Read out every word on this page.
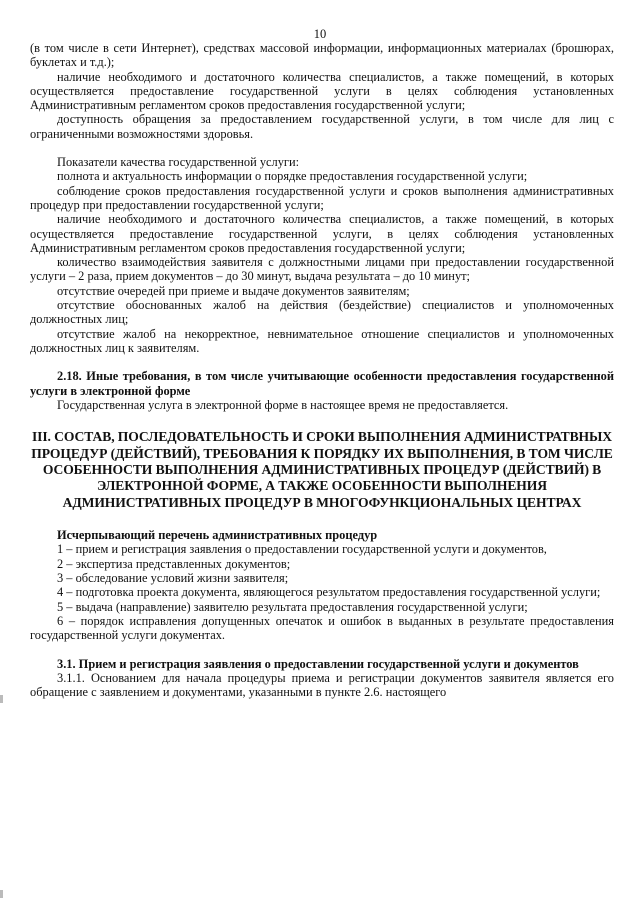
10

(в том числе в сети Интернет), средствах массовой информации, информационных материалах (брошюрах, буклетах и т.д.);

наличие необходимого и достаточного количества специалистов, а также помещений, в которых осуществляется предоставление государственной услуги в целях соблюдения установленных Административным регламентом сроков предоставления государственной услуги;

доступность обращения за предоставлением государственной услуги, в том числе для лиц с ограниченными возможностями здоровья.

Показатели качества государственной услуги:

полнота и актуальность информации о порядке предоставления государственной услуги;

соблюдение сроков предоставления государственной услуги и сроков выполнения административных процедур при предоставлении государственной услуги;

наличие необходимого и достаточного количества специалистов, а также помещений, в которых осуществляется предоставление государственной услуги, в целях соблюдения установленных Административным регламентом сроков предоставления государственной услуги;

количество взаимодействия заявителя с должностными лицами при предоставлении государственной услуги – 2 раза, прием документов – до 30 минут, выдача результата – до 10 минут;

отсутствие очередей при приеме и выдаче документов заявителям;

отсутствие обоснованных жалоб на действия (бездействие) специалистов и уполномоченных должностных лиц;

отсутствие жалоб на некорректное, невнимательное отношение специалистов и уполномоченных должностных лиц к заявителям.

2.18. Иные требования, в том числе учитывающие особенности предоставления государственной услуги в электронной форме

Государственная услуга в электронной форме в настоящее время не предоставляется.

III. СОСТАВ, ПОСЛЕДОВАТЕЛЬНОСТЬ И СРОКИ ВЫПОЛНЕНИЯ АДМИНИСТРАТВНЫХ ПРОЦЕДУР (ДЕЙСТВИЙ), ТРЕБОВАНИЯ К ПОРЯДКУ ИХ ВЫПОЛНЕНИЯ, В ТОМ ЧИСЛЕ ОСОБЕННОСТИ ВЫПОЛНЕНИЯ АДМИНИСТРАТИВНЫХ ПРОЦЕДУР (ДЕЙСТВИЙ) В ЭЛЕКТРОННОЙ ФОРМЕ, А ТАКЖЕ ОСОБЕННОСТИ ВЫПОЛНЕНИЯ АДМИНИСТРАТИВНЫХ ПРОЦЕДУР В МНОГОФУНКЦИОНАЛЬНЫХ ЦЕНТРАХ

Исчерпывающий перечень административных процедур

1 – прием и регистрация заявления о предоставлении государственной услуги и документов,

2 – экспертиза представленных документов;

3 – обследование условий жизни заявителя;

4 – подготовка проекта документа, являющегося результатом предоставления государственной услуги;

5 – выдача (направление) заявителю результата предоставления государственной услуги;

6 – порядок исправления допущенных опечаток и ошибок в выданных в результате предоставления государственной услуги документах.

3.1. Прием и регистрация заявления о предоставлении государственной услуги и документов

3.1.1. Основанием для начала процедуры приема и регистрации документов заявителя является его обращение с заявлением и документами, указанными в пункте 2.6. настоящего
